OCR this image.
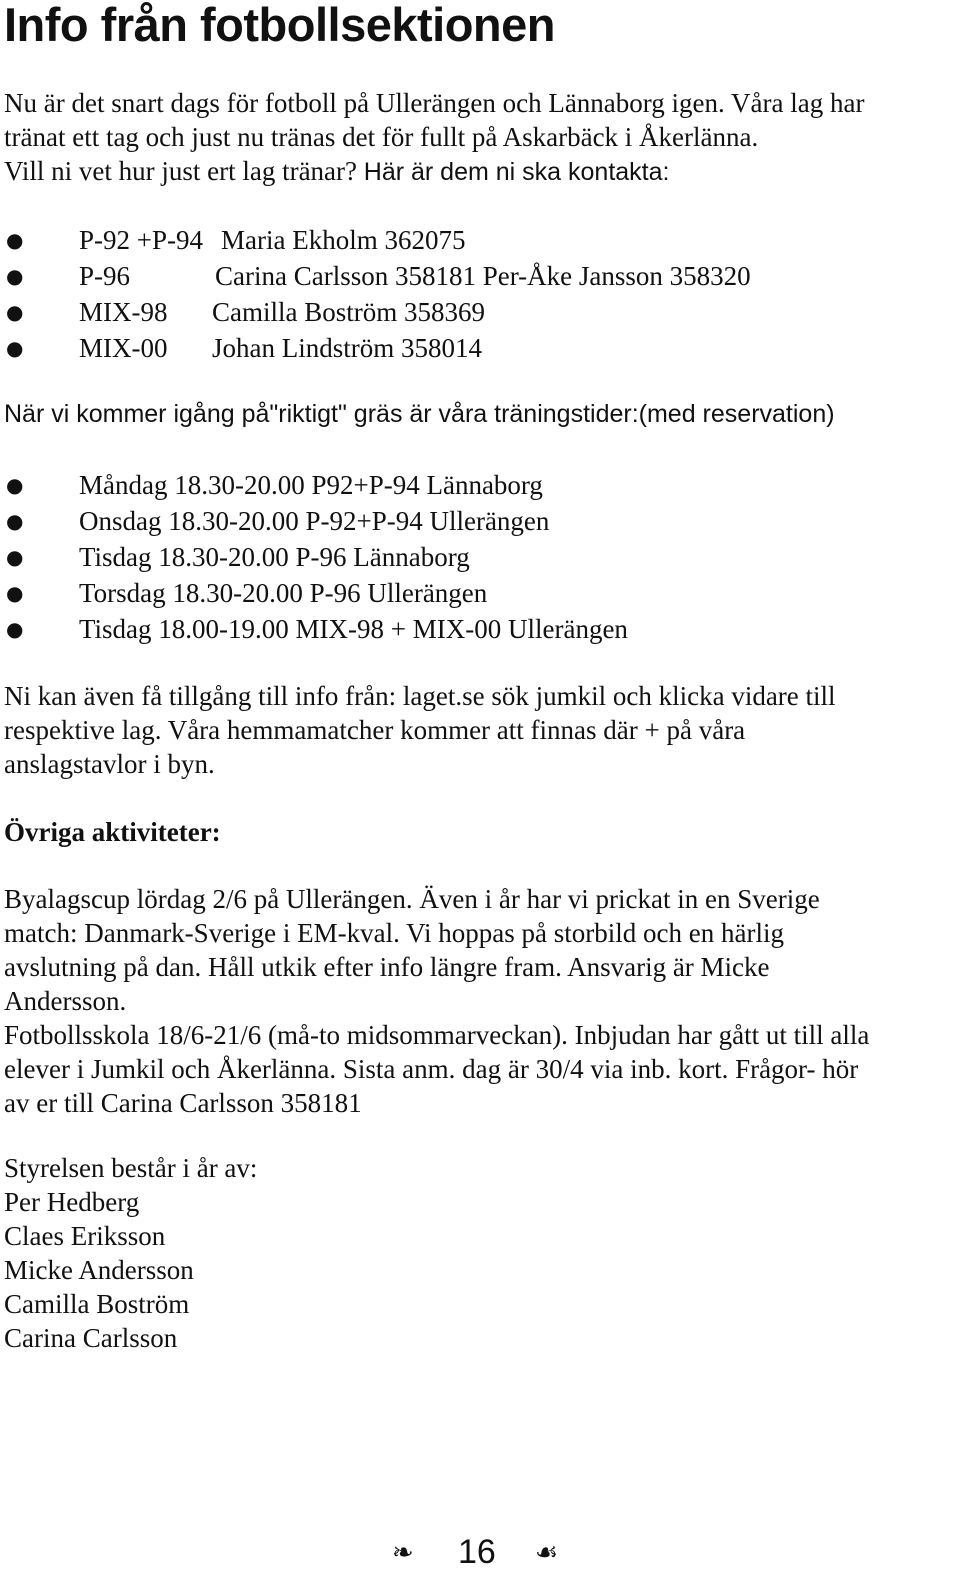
Info från fotbollsektionen
Nu är det snart dags för fotboll på Ullerängen och Lännaborg igen. Våra lag har
tränat ett tag och just nu tränas det för fullt på Askarbäck i Åkerlänna.
Vill ni vet hur just ert lag tränar? Här är dem ni ska kontakta:
● P-92 +P-94 Maria Ekholm 362075
● P-96	Carina Carlsson 358181 Per-Åke Jansson 358320
● MIX-98 Camilla Boström 358369
● MIX-00 Johan Lindström 358014
När vi kommer igång på"riktigt" gräs är våra träningstider:(med reservation)
● Måndag 18.30-20.00 P92+P-94 Lännaborg
● Onsdag 18.30-20.00 P-92+P-94 Ullerängen
● Tisdag 18.30-20.00 P-96 Lännaborg
● Torsdag 18.30-20.00 P-96 Ullerängen
● Tisdag 18.00-19.00 MIX-98 + MIX-00 Ullerängen
Ni kan även få tillgång till info från: laget.se sök jumkil och klicka vidare till
respektive lag. Våra hemmamatcher kommer att finnas där + på våra
anslagstavlor i byn.
Övriga aktiviteter:
Byalagscup lördag 2/6 på Ullerängen. Även i år har vi prickat in en Sverige
match: Danmark-Sverige i EM-kval. Vi hoppas på storbild och en härlig
avslutning på dan. Håll utkik efter info längre fram. Ansvarig är Micke
Andersson.
Fotbollsskola 18/6-21/6 (må-to midsommarveckan). Inbjudan har gått ut till alla
elever i Jumkil och Åkerlänna. Sista anm. dag är 30/4 via inb. kort. Frågor- hör
av er till Carina Carlsson 358181
Styrelsen består i år av:
Per Hedberg
Claes Eriksson
Micke Andersson
Camilla Boström
Carina Carlsson
❧ 16 ☙
